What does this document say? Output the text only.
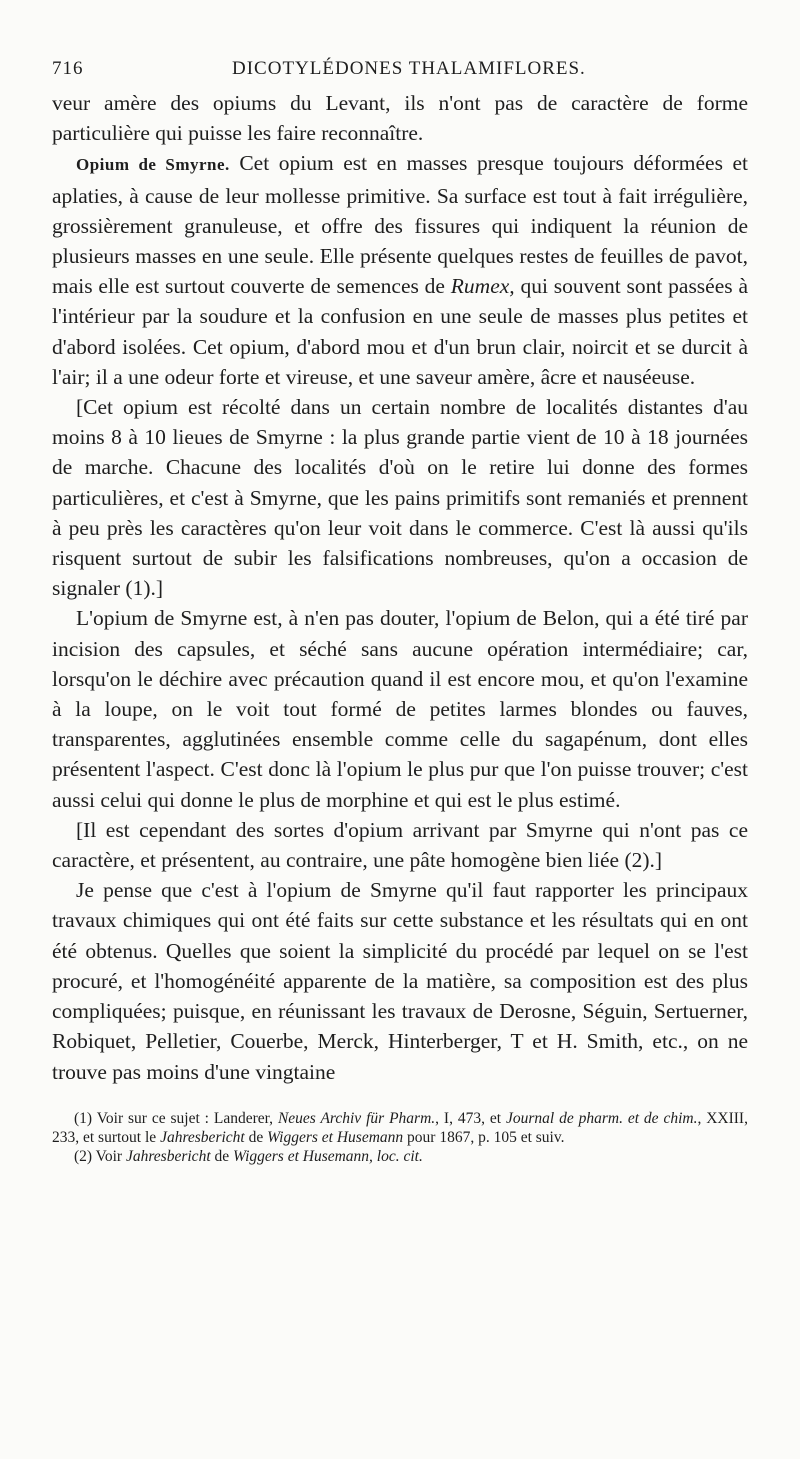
716	DICOTYLÉDONES THALAMIFLORES.

veur amère des opiums du Levant, ils n'ont pas de caractère de forme particulière qui puisse les faire reconnaître.

Opium de Smyrne. Cet opium est en masses presque toujours déformées et aplaties, à cause de leur mollesse primitive. Sa surface est tout à fait irrégulière, grossièrement granuleuse, et offre des fissures qui indiquent la réunion de plusieurs masses en une seule. Elle présente quelques restes de feuilles de pavot, mais elle est surtout couverte de semences de Rumex, qui souvent sont passées à l'intérieur par la soudure et la confusion en une seule de masses plus petites et d'abord isolées. Cet opium, d'abord mou et d'un brun clair, noircit et se durcit à l'air; il a une odeur forte et vireuse, et une saveur amère, âcre et nauséeuse.

[Cet opium est récolté dans un certain nombre de localités distantes d'au moins 8 à 10 lieues de Smyrne : la plus grande partie vient de 10 à 18 journées de marche. Chacune des localités d'où on le retire lui donne des formes particulières, et c'est à Smyrne, que les pains primitifs sont remaniés et prennent à peu près les caractères qu'on leur voit dans le commerce. C'est là aussi qu'ils risquent surtout de subir les falsifications nombreuses, qu'on a occasion de signaler (1).]

L'opium de Smyrne est, à n'en pas douter, l'opium de Belon, qui a été tiré par incision des capsules, et séché sans aucune opération intermédiaire; car, lorsqu'on le déchire avec précaution quand il est encore mou, et qu'on l'examine à la loupe, on le voit tout formé de petites larmes blondes ou fauves, transparentes, agglutinées ensemble comme celle du sagapénum, dont elles présentent l'aspect. C'est donc là l'opium le plus pur que l'on puisse trouver; c'est aussi celui qui donne le plus de morphine et qui est le plus estimé.

[Il est cependant des sortes d'opium arrivant par Smyrne qui n'ont pas ce caractère, et présentent, au contraire, une pâte homogène bien liée (2).]

Je pense que c'est à l'opium de Smyrne qu'il faut rapporter les principaux travaux chimiques qui ont été faits sur cette substance et les résultats qui en ont été obtenus. Quelles que soient la simplicité du procédé par lequel on se l'est procuré, et l'homogénéité apparente de la matière, sa composition est des plus compliquées; puisque, en réunissant les travaux de Derosne, Séguin, Sertuerner, Robiquet, Pelletier, Couerbe, Merck, Hinterberger, T et H. Smith, etc., on ne trouve pas moins d'une vingtaine

(1) Voir sur ce sujet : Landerer, Neues Archiv für Pharm., I, 473, et Journal de pharm. et de chim., XXIII, 233, et surtout le Jahresbericht de Wiggers et Husemann pour 1867, p. 105 et suiv.

(2) Voir Jahresbericht de Wiggers et Husemann, loc. cit.
